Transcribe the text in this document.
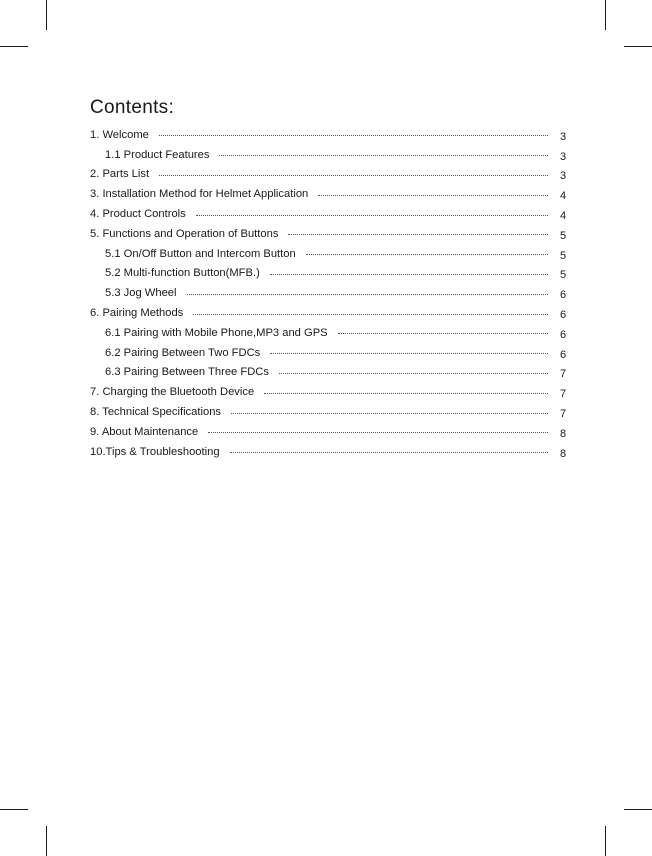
Contents:
1. Welcome	3
1.1 Product Features	3
2. Parts List	3
3. Installation Method for Helmet Application	4
4. Product Controls	4
5. Functions and Operation of Buttons	5
5.1 On/Off Button and Intercom Button	5
5.2 Multi-function Button(MFB.)	5
5.3 Jog Wheel	6
6. Pairing Methods	6
6.1 Pairing with Mobile Phone,MP3 and GPS	6
6.2 Pairing Between Two FDCs	6
6.3 Pairing Between Three FDCs	7
7. Charging the Bluetooth Device	7
8. Technical Specifications	7
9. About Maintenance	8
10.Tips & Troubleshooting	8
